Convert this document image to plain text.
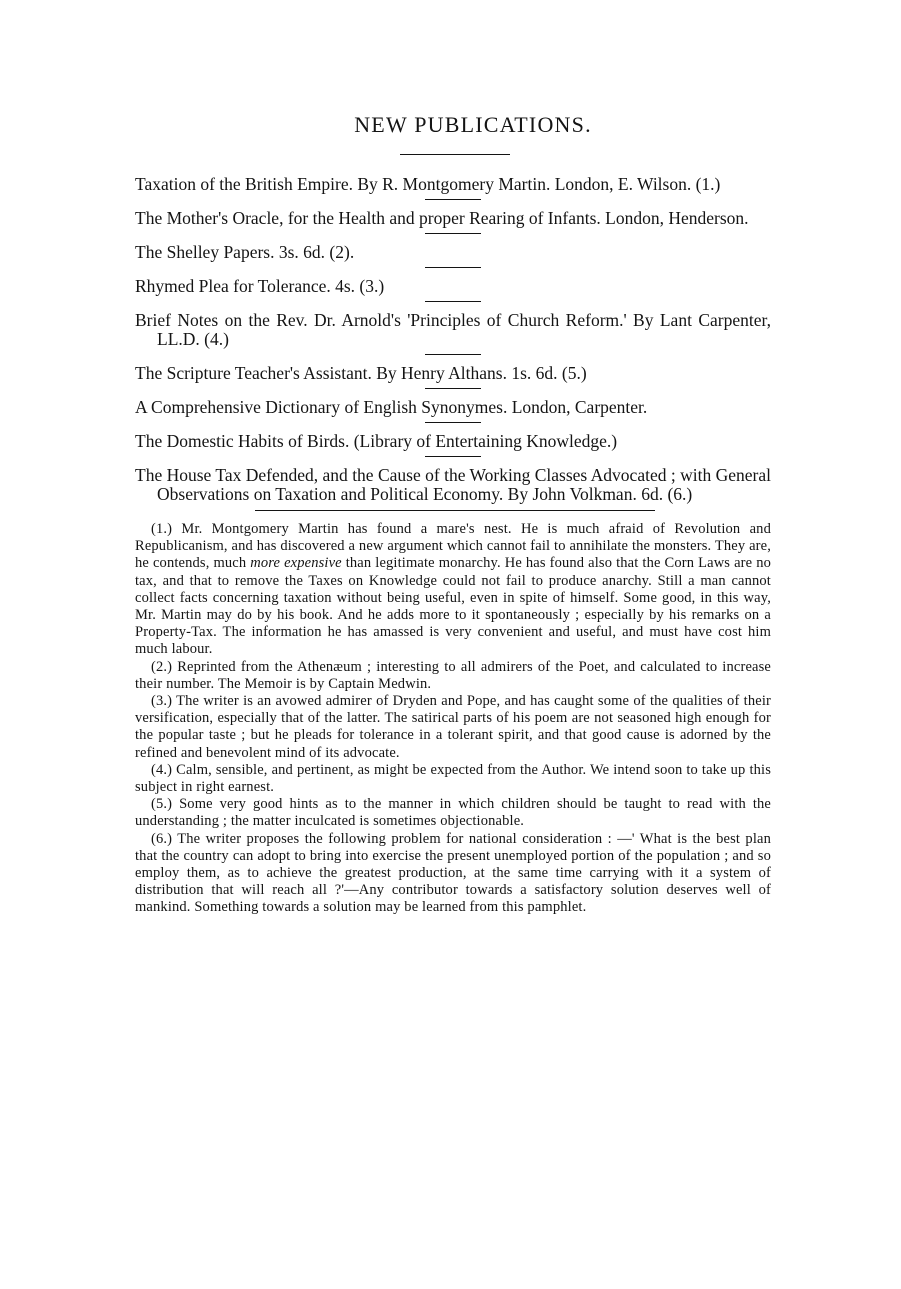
NEW PUBLICATIONS.

Taxation of the British Empire. By R. Montgomery Martin. London, E. Wilson. (1.)

The Mother's Oracle, for the Health and proper Rearing of Infants. London, Henderson.

The Shelley Papers. 3s. 6d. (2).

Rhymed Plea for Tolerance. 4s. (3.)

Brief Notes on the Rev. Dr. Arnold's 'Principles of Church Reform.' By Lant Carpenter, LL.D. (4.)

The Scripture Teacher's Assistant. By Henry Althans. 1s. 6d. (5.)

A Comprehensive Dictionary of English Synonymes. London, Carpenter.

The Domestic Habits of Birds. (Library of Entertaining Knowledge.)

The House Tax Defended, and the Cause of the Working Classes Advocated ; with General Observations on Taxation and Political Economy. By John Volkman. 6d. (6.)

(1.) Mr. Montgomery Martin has found a mare's nest. He is much afraid of Revolution and Republicanism, and has discovered a new argument which cannot fail to annihilate the monsters. They are, he contends, much more expensive than legitimate monarchy. He has found also that the Corn Laws are no tax, and that to remove the Taxes on Knowledge could not fail to produce anarchy. Still a man cannot collect facts concerning taxation without being useful, even in spite of himself. Some good, in this way, Mr. Martin may do by his book. And he adds more to it spontaneously ; especially by his remarks on a Property-Tax. The information he has amassed is very convenient and useful, and must have cost him much labour.

(2.) Reprinted from the Athenæum ; interesting to all admirers of the Poet, and calculated to increase their number. The Memoir is by Captain Medwin.

(3.) The writer is an avowed admirer of Dryden and Pope, and has caught some of the qualities of their versification, especially that of the latter. The satirical parts of his poem are not seasoned high enough for the popular taste ; but he pleads for tolerance in a tolerant spirit, and that good cause is adorned by the refined and benevolent mind of its advocate.

(4.) Calm, sensible, and pertinent, as might be expected from the Author. We intend soon to take up this subject in right earnest.

(5.) Some very good hints as to the manner in which children should be taught to read with the understanding ; the matter inculcated is sometimes objectionable.

(6.) The writer proposes the following problem for national consideration : —' What is the best plan that the country can adopt to bring into exercise the present unemployed portion of the population ; and so employ them, as to achieve the greatest production, at the same time carrying with it a system of distribution that will reach all ?'—Any contributor towards a satisfactory solution deserves well of mankind. Something towards a solution may be learned from this pamphlet.
